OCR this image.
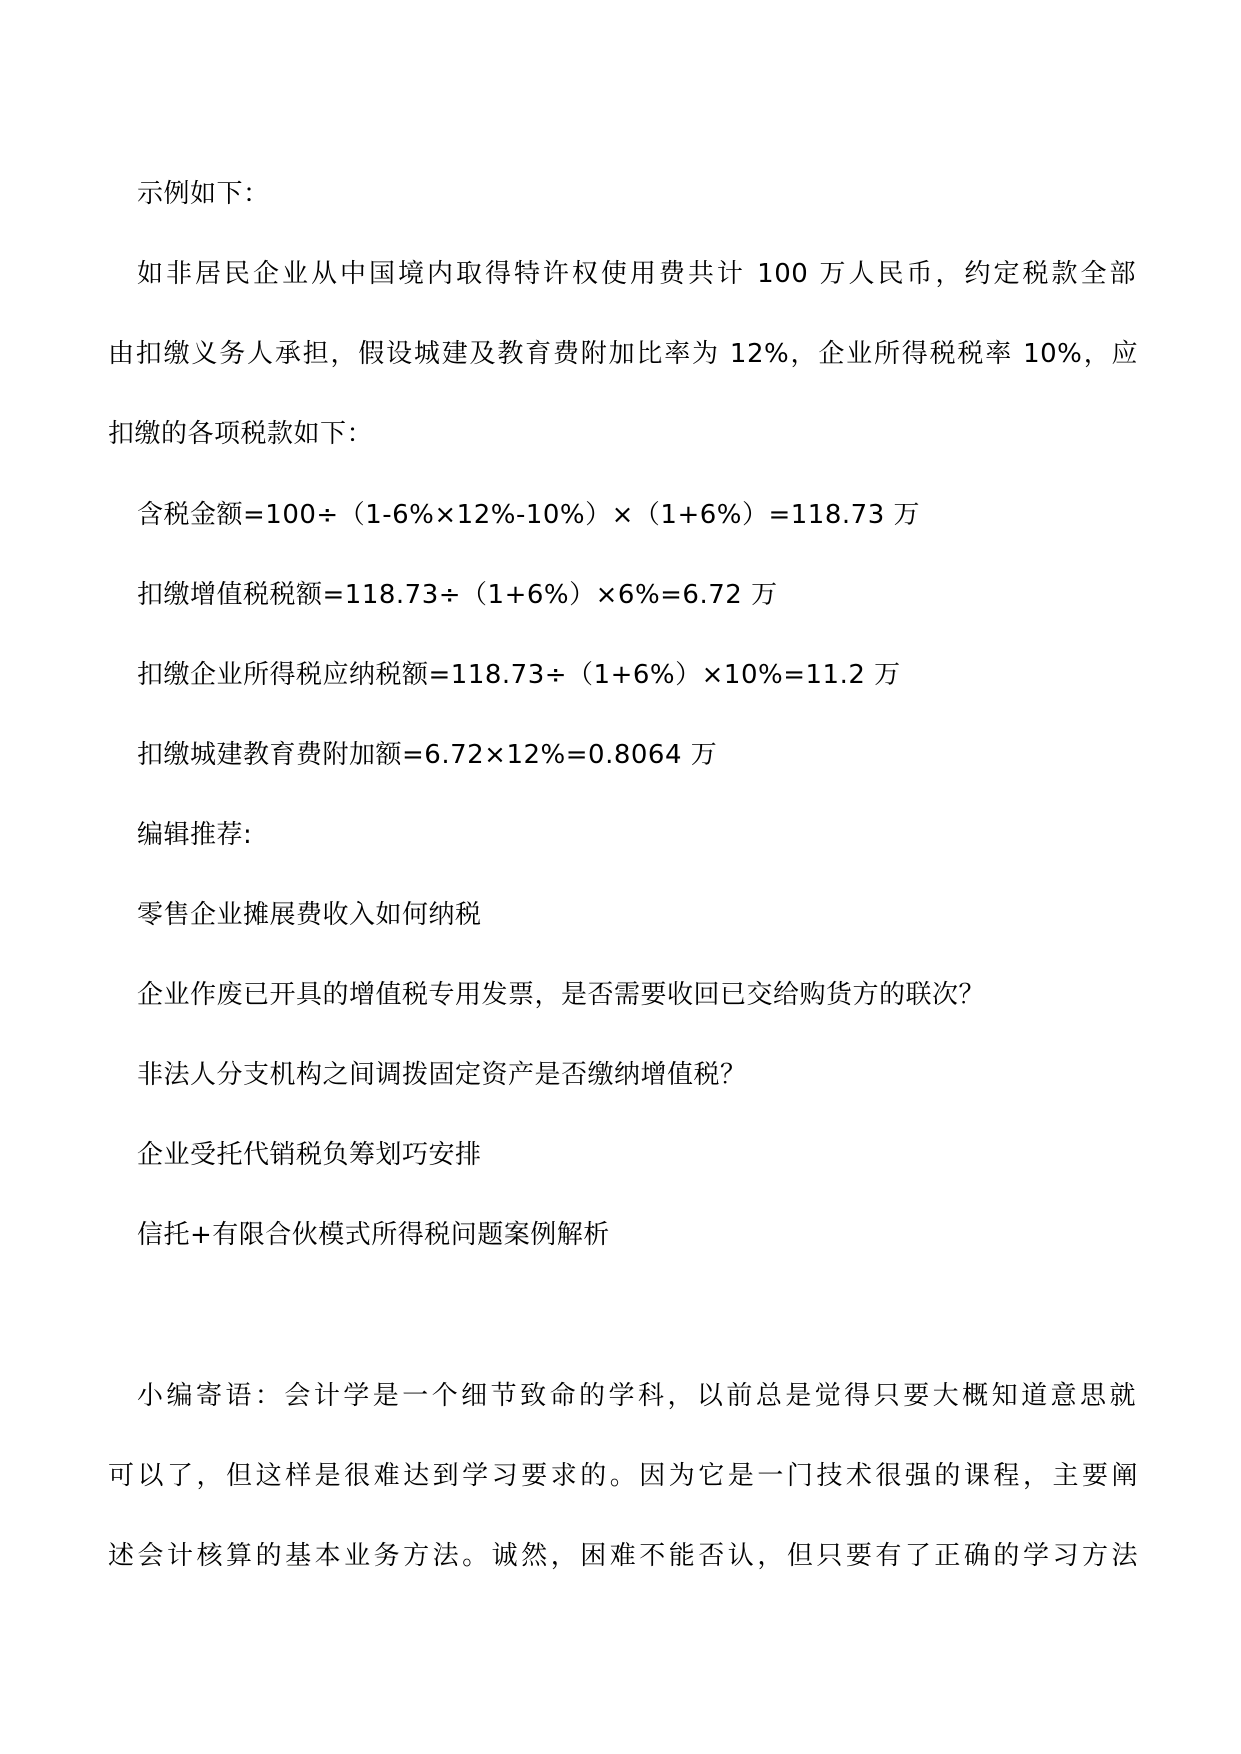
示例如下：
如非居民企业从中国境内取得特许权使用费共计 100 万人民币，约定税款全部
由扣缴义务人承担，假设城建及教育费附加比率为 12%，企业所得税税率 10%，应
扣缴的各项税款如下：
含税金额=100÷（1-6%×12%-10%）×（1+6%）=118.73 万
扣缴增值税税额=118.73÷（1+6%）×6%=6.72 万
扣缴企业所得税应纳税额=118.73÷（1+6%）×10%=11.2 万
扣缴城建教育费附加额=6.72×12%=0.8064 万
编辑推荐:
零售企业摊展费收入如何纳税
企业作废已开具的增值税专用发票，是否需要收回已交给购货方的联次？
非法人分支机构之间调拨固定资产是否缴纳增值税？
企业受托代销税负筹划巧安排
信托+有限合伙模式所得税问题案例解析
小编寄语：会计学是一个细节致命的学科，以前总是觉得只要大概知道意思就
可以了，但这样是很难达到学习要求的。因为它是一门技术很强的课程，主要阐
述会计核算的基本业务方法。诚然，困难不能否认，但只要有了正确的学习方法
